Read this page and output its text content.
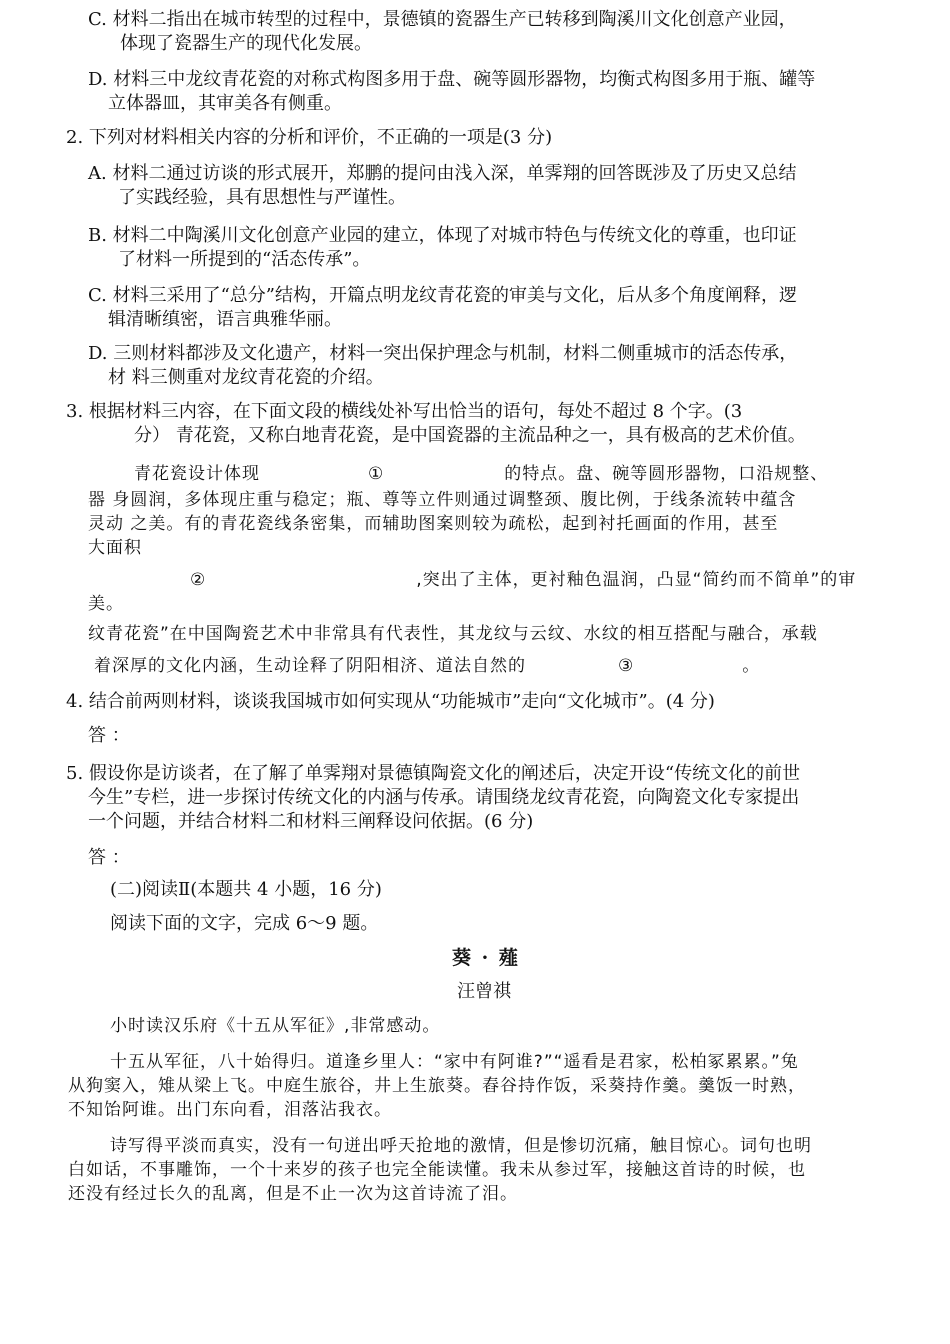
C. 材料二指出在城市转型的过程中，景德镇的瓷器生产已转移到陶溪川文化创意产业园，
体现了瓷器生产的现代化发展。
D. 材料三中龙纹青花瓷的对称式构图多用于盘、碗等圆形器物，均衡式构图多用于瓶、罐等
立体器皿，其审美各有侧重。
2. 下列对材料相关内容的分析和评价，不正确的一项是(3 分)
A. 材料二通过访谈的形式展开，郑鹏的提问由浅入深，单霁翔的回答既涉及了历史又总结
了实践经验，具有思想性与严谨性。
B. 材料二中陶溪川文化创意产业园的建立，体现了对城市特色与传统文化的尊重，也印证
了材料一所提到的“活态传承”。
C. 材料三采用了“总分”结构，开篇点明龙纹青花瓷的审美与文化，后从多个角度阐释，逻
辑清晰缜密，语言典雅华丽。
D. 三则材料都涉及文化遗产，材料一突出保护理念与机制，材料二侧重城市的活态传承，
材 料三侧重对龙纹青花瓷的介绍。
3. 根据材料三内容，在下面文段的横线处补写出恰当的语句，每处不超过 8 个字。(3
分） 青花瓷，又称白地青花瓷，是中国瓷器的主流品种之一，具有极高的艺术价值。
青花瓷设计体现	①	的特点。盘、碗等圆形器物，口沿规整、
器 身圆润，多体现庄重与稳定；瓶、尊等立件则通过调整颈、腹比例，于线条流转中蕴含
灵动 之美。有的青花瓷线条密集，而辅助图案则较为疏松，起到衬托画面的作用，甚至
大面积
②	,突出了主体，更衬釉色温润，凸显“简约而不简单”的审
美。
纹青花瓷”在中国陶瓷艺术中非常具有代表性，其龙纹与云纹、水纹的相互搭配与融合，承载
着深厚的文化内涵，生动诠释了阴阳相济、道法自然的	③	。
4. 结合前两则材料，谈谈我国城市如何实现从“功能城市”走向“文化城市”。(4 分)
答 ：
5. 假设你是访谈者，在了解了单霁翔对景德镇陶瓷文化的阐述后，决定开设“传统文化的前世
今生”专栏，进一步探讨传统文化的内涵与传承。请围绕龙纹青花瓷，向陶瓷文化专家提出
一个问题，并结合材料二和材料三阐释设问依据。(6 分)
答 ：
(二)阅读Ⅱ(本题共 4 小题，16 分)
阅读下面的文字，完成 6～9 题。
葵 · 薤
汪曾祺
小时读汉乐府《十五从军征》,非常感动。
十五从军征，八十始得归。道逢乡里人：“家中有阿谁?”“遥看是君家，松柏冢累累。”兔
从狗窦入，雉从梁上飞。中庭生旅谷，井上生旅葵。舂谷持作饭，采葵持作羹。羹饭一时熟，
不知饴阿谁。出门东向看，泪落沾我衣。
诗写得平淡而真实，没有一句迸出呼天抢地的激情，但是惨切沉痛，触目惊心。词句也明
白如话，不事雕饰，一个十来岁的孩子也完全能读懂。我未从参过军，接触这首诗的时候，也
还没有经过长久的乱离，但是不止一次为这首诗流了泪。
